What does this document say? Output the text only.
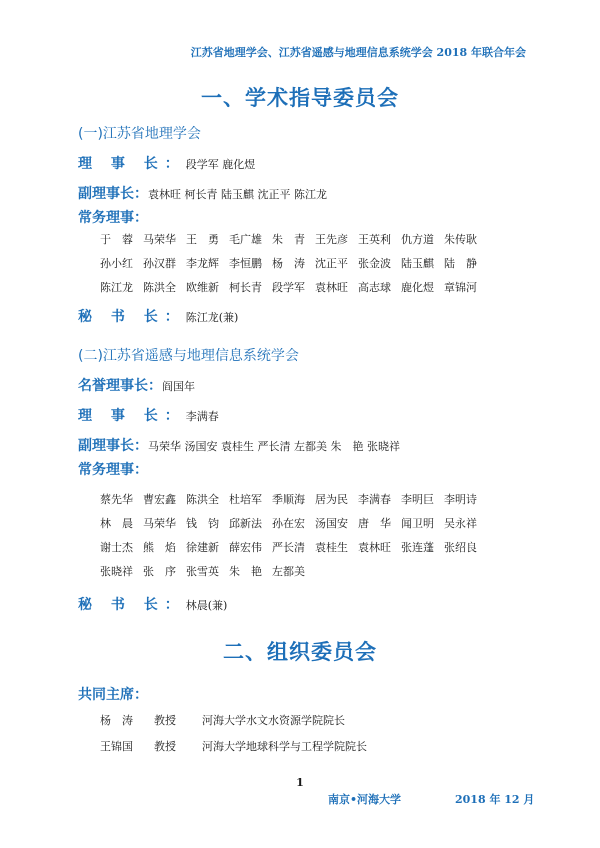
江苏省地理学会、江苏省遥感与地理信息系统学会 2018 年联合年会
一、学术指导委员会
(一)江苏省地理学会
理 事 长： 段学军 鹿化煜
副理事长： 袁林旺 柯长青 陆玉麒 沈正平 陈江龙
常务理事：
于　蓉 马荣华 王　勇 毛广雄 朱　青 王先彦 王英利 仇方道 朱传耿
孙小红 孙汉群 李龙辉 李恒鹏 杨　涛 沈正平 张金波 陆玉麒 陆　静
陈江龙 陈洪全 欧维新 柯长青 段学军 袁林旺 高志球 鹿化煜 章锦河
秘 书 长： 陈江龙(兼)
(二)江苏省遥感与地理信息系统学会
名誉理事长： 阎国年
理 事 长： 李满春
副理事长： 马荣华 汤国安 袁桂生 严长清 左都美 朱　艳 张晓祥
常务理事：
蔡先华 曹宏鑫 陈洪全 杜培军 季顺海 居为民 李满春 李明巨 李明诗
林　晨 马荣华 钱　钧 邱新法 孙在宏 汤国安 唐　华 闻卫明 吴永祥
谢士杰 熊　焰 徐建新 薛宏伟 严长清 袁桂生 袁林旺 张连蓬 张绍良
张晓祥 张　序 张雪英 朱　艳 左都美
秘 书 长： 林晨(兼)
二、组织委员会
共同主席：
杨　涛	教授	河海大学水文水资源学院院长
王锦国	教授	河海大学地球科学与工程学院院长
1
南京•河海大学	2018 年 12 月
